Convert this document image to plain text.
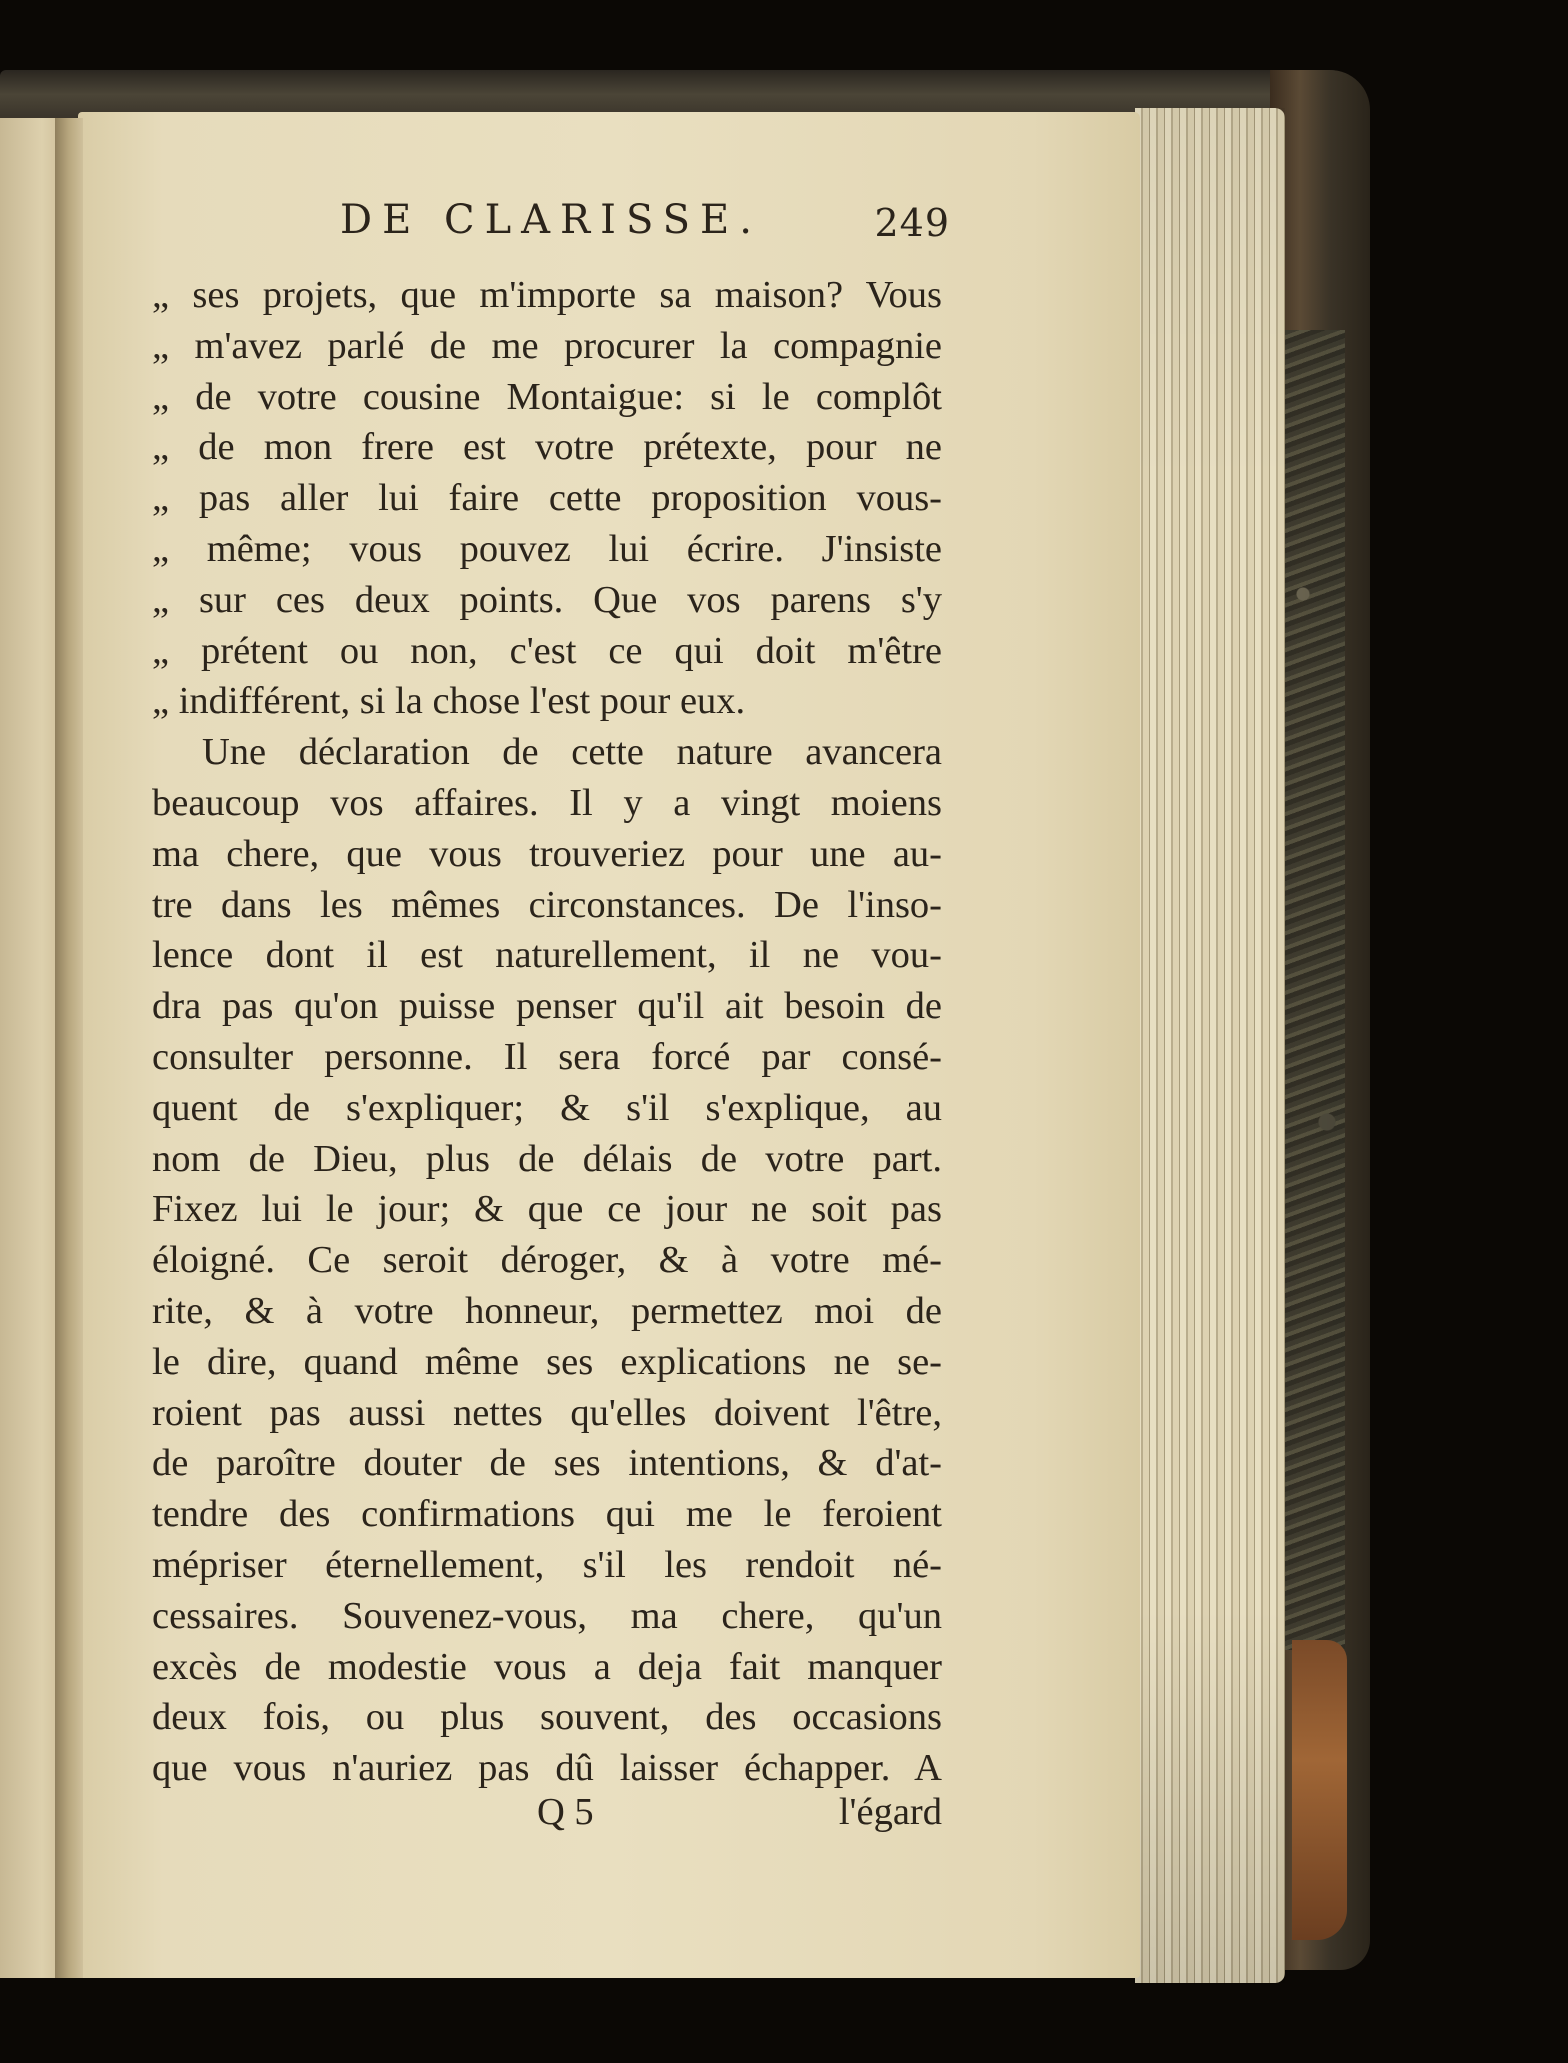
DE CLARISSE.	249
„ ses projets, que m'importe sa maison? Vous
„ m'avez parlé de me procurer la compagnie
„ de votre cousine Montaigue: si le complôt
„ de mon frere est votre prétexte, pour ne
„ pas aller lui faire cette proposition vous-
„ même; vous pouvez lui écrire. J'insiste
„ sur ces deux points. Que vos parens s'y
„ prétent ou non, c'est ce qui doit m'être
„ indifférent, si la chose l'est pour eux.
Une déclaration de cette nature avancera
beaucoup vos affaires. Il y a vingt moiens
ma chere, que vous trouveriez pour une au-
tre dans les mêmes circonstances. De l'inso-
lence dont il est naturellement, il ne vou-
dra pas qu'on puisse penser qu'il ait besoin de
consulter personne. Il sera forcé par consé-
quent de s'expliquer; & s'il s'explique, au
nom de Dieu, plus de délais de votre part.
Fixez lui le jour; & que ce jour ne soit pas
éloigné. Ce seroit déroger, & à votre mé-
rite, & à votre honneur, permettez moi de
le dire, quand même ses explications ne se-
roient pas aussi nettes qu'elles doivent l'être,
de paroître douter de ses intentions, & d'at-
tendre des confirmations qui me le feroient
mépriser éternellement, s'il les rendoit né-
cessaires. Souvenez-vous, ma chere, qu'un
excès de modestie vous a deja fait manquer
deux fois, ou plus souvent, des occasions
que vous n'auriez pas dû laisser échapper. A
Q 5	l'égard
